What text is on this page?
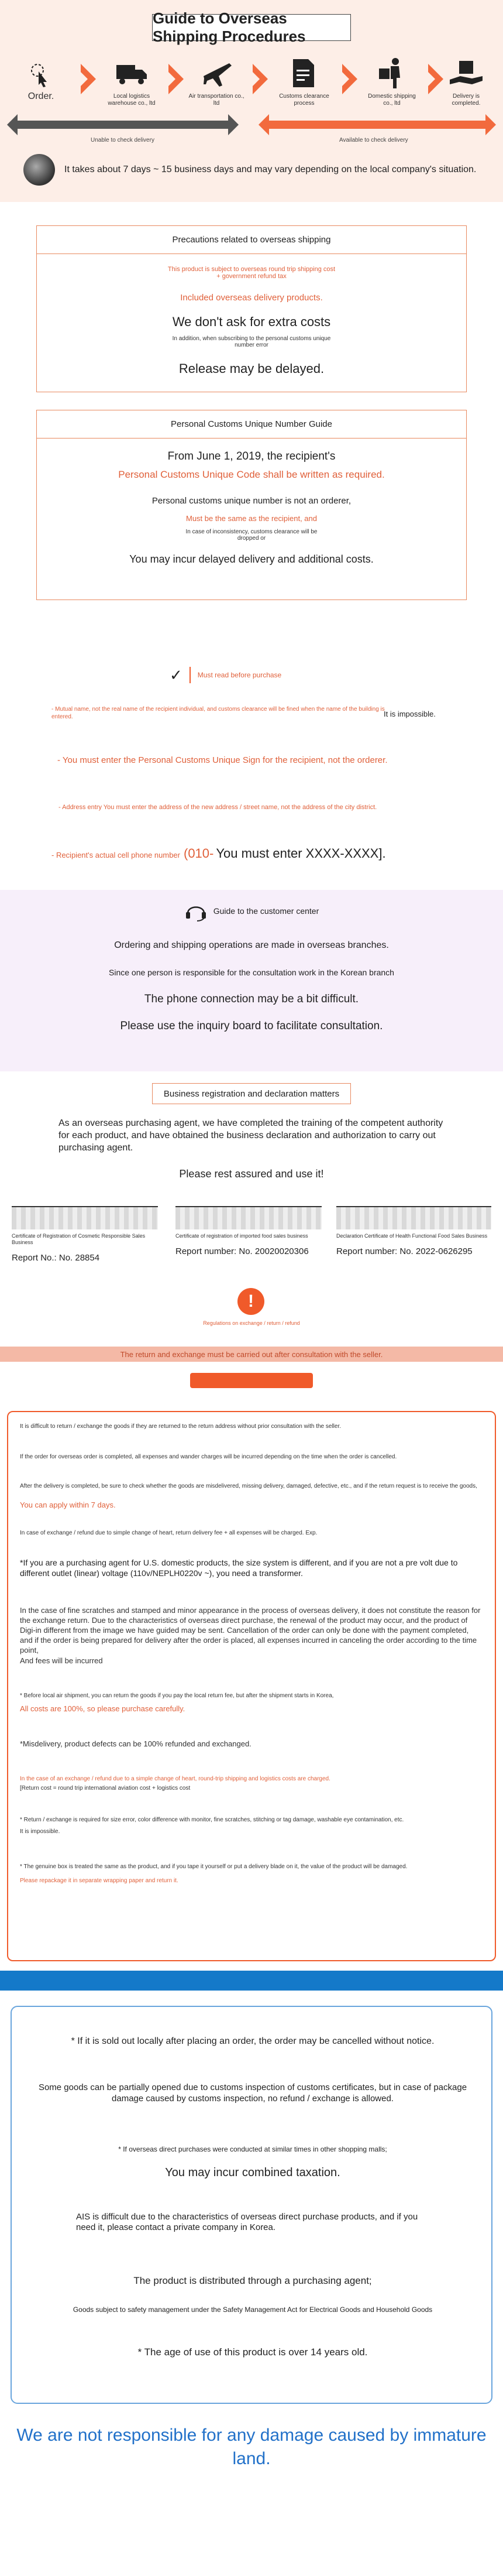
Guide to Overseas Shipping Procedures
Order.	Local logistics warehouse co., ltd
Air transportation co., ltd
Customs clearance process
Domestic shipping co., ltd
Delivery is completed.
Unable to check delivery	Available to check delivery
It takes about 7 days ~ 15 business days and may vary depending on the local company's situation.
Precautions related to overseas shipping
This product is subject to overseas round trip shipping cost + government refund tax
Included overseas delivery products.
We don't ask for extra costs
In addition, when subscribing to the personal customs unique number error
Release may be delayed.
Personal Customs Unique Number Guide
From June 1, 2019, the recipient's
Personal Customs Unique Code shall be written as required.
Personal customs unique number is not an orderer,
Must be the same as the recipient, and
In case of inconsistency, customs clearance will be dropped or
You may incur delayed delivery and additional costs.
✓ Must read before purchase
- Mutual name, not the real name of the recipient individual, and customs clearance will be fined when the name of the building is entered.	It is impossible.
- You must enter the Personal Customs Unique Sign for the recipient, not the orderer.
- Address entry You must enter the address of the new address / street name, not the address of the city district.
- Recipient's actual cell phone number (010- You must enter XXXX-XXXX].
Guide to the customer center
Ordering and shipping operations are made in overseas branches.
Since one person is responsible for the consultation work in the Korean branch
The phone connection may be a bit difficult.
Please use the inquiry board to facilitate consultation.
Business registration and declaration matters
As an overseas purchasing agent, we have completed the training of the competent authority for each product, and have obtained the business declaration and authorization to carry out purchasing agent.
Please rest assured and use it!
Certificate of Registration of Cosmetic Responsible Sales Business
Report No.: No. 28854
Certificate of registration of imported food sales business
Report number: No. 20020020306
Declaration Certificate of Health Functional Food Sales Business
Report number: No. 2022-0626295
!
Regulations on exchange / return / refund
The return and exchange must be carried out after consultation with the seller.
It is difficult to return / exchange the goods if they are returned to the return address without prior consultation with the seller.
If the order for overseas order is completed, all expenses and wander charges will be incurred depending on the time when the order is cancelled.
After the delivery is completed, be sure to check whether the goods are misdelivered, missing delivery, damaged, defective, etc., and if the return request is to receive the goods,
You can apply within 7 days.
In case of exchange / refund due to simple change of heart, return delivery fee + all expenses will be charged. Exp.
*If you are a purchasing agent for U.S. domestic products, the size system is different, and if you are not a pre volt due to different outlet (linear) voltage (110v/NEPLH0220v ~), you need a transformer.
In the case of fine scratches and stamped and minor appearance in the process of overseas delivery, it does not constitute the reason for the exchange return. Due to the characteristics of overseas direct purchase, the renewal of the product may occur, and the product of Digi-in different from the image we have guided may be sent. Cancellation of the order can only be done with the payment completed, and if the order is being prepared for delivery after the order is placed, all expenses incurred in canceling the order according to the time point,
And fees will be incurred
* Before local air shipment, you can return the goods if you pay the local return fee, but after the shipment starts in Korea,
All costs are 100%, so please purchase carefully.
*Misdelivery, product defects can be 100% refunded and exchanged.
In the case of an exchange / refund due to a simple change of heart, round-trip shipping and logistics costs are charged.
[Return cost = round trip international aviation cost + logistics cost
* Return / exchange is required for size error, color difference with monitor, fine scratches, stitching or tag damage, washable eye contamination, etc.
It is impossible.
* The genuine box is treated the same as the product, and if you tape it yourself or put a delivery blade on it, the value of the product will be damaged.
Please repackage it in separate wrapping paper and return it.
* If it is sold out locally after placing an order, the order may be cancelled without notice.
Some goods can be partially opened due to customs inspection of customs certificates, but in case of package damage caused by customs inspection, no refund / exchange is allowed.
* If overseas direct purchases were conducted at similar times in other shopping malls;
You may incur combined taxation.
AIS is difficult due to the characteristics of overseas direct purchase products, and if you need it, please contact a private company in Korea.
The product is distributed through a purchasing agent;
Goods subject to safety management under the Safety Management Act for Electrical Goods and Household Goods
* The age of use of this product is over 14 years old.
We are not responsible for any damage caused by immature land.
